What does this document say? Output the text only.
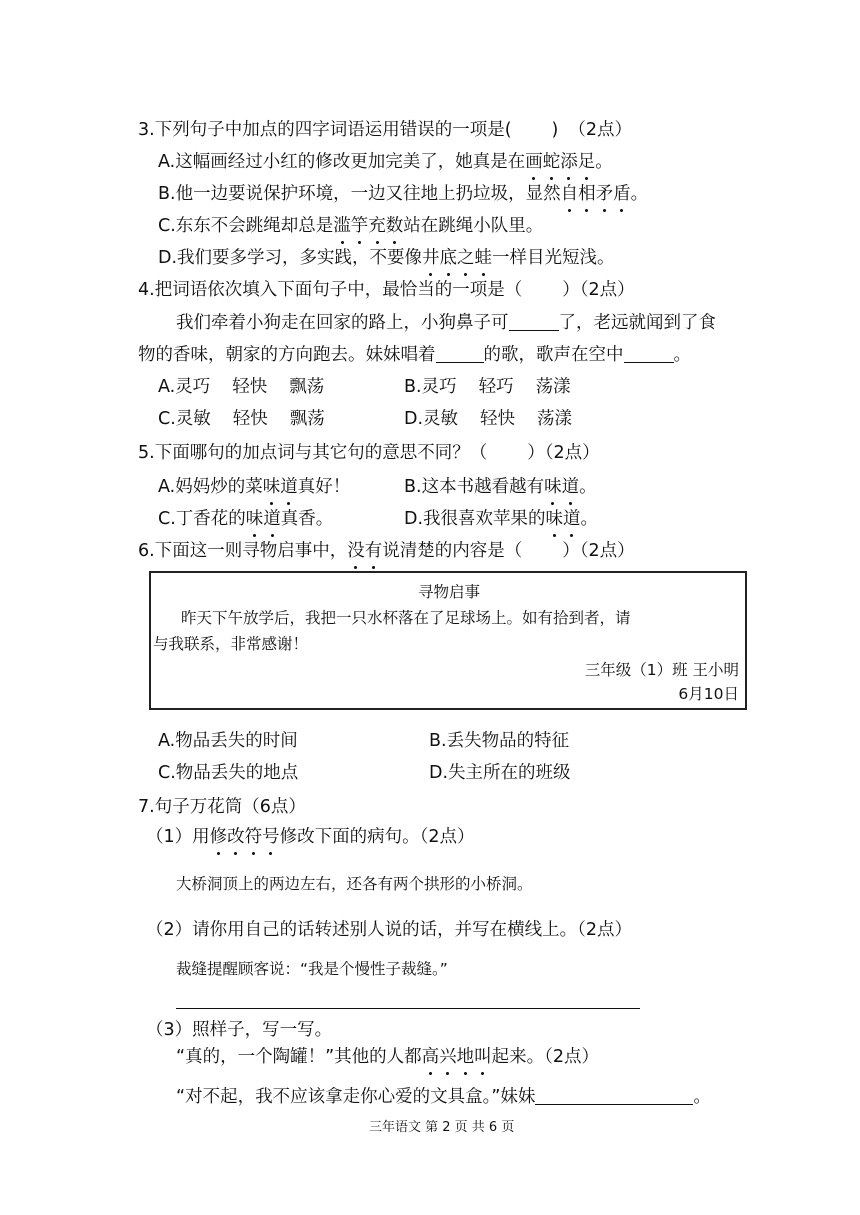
3.下列句子中加点的四字词语运用错误的一项是( ) （2点）
A.这幅画经过小红的修改更加完美了，她真是在画蛇添足。
B.他一边要说保护环境，一边又往地上扔垃圾，显然自相矛盾。
C.东东不会跳绳却总是滥竽充数站在跳绳小队里。
D.我们要多学习，多实践，不要像井底之蛙一样目光短浅。
4.把词语依次填入下面句子中，最恰当的一项是（ ）（2点）
我们牵着小狗走在回家的路上，小狗鼻子可	了，老远就闻到了食
物的香味，朝家的方向跑去。妹妹唱着	的歌，歌声在空中	。
A.灵巧 轻快 飘荡	B.灵巧 轻巧 荡漾
C.灵敏 轻快 飘荡	D.灵敏 轻快 荡漾
5.下面哪句的加点词与其它句的意思不同？（ ）（2点）
A.妈妈炒的菜味道真好！	B.这本书越看越有味道。
C.丁香花的味道真香。	D.我很喜欢苹果的味道。
6.下面这一则寻物启事中，没有说清楚的内容是（ ）（2点）
寻物启事
昨天下午放学后，我把一只水杯落在了足球场上。如有拾到者，请
与我联系，非常感谢！
三年级（1）班 王小明
6月10日
A.物品丢失的时间	B.丢失物品的特征
C.物品丢失的地点	D.失主所在的班级
7.句子万花筒（6点）
（1）用修改符号修改下面的病句。（2点）
大桥洞顶上的两边左右，还各有两个拱形的小桥洞。
（2）请你用自己的话转述别人说的话，并写在横线上。（2点）
裁缝提醒顾客说：“我是个慢性子裁缝。”
（3）照样子，写一写。
“真的，一个陶罐！”其他的人都高兴地叫起来。（2点）
“对不起，我不应该拿走你心爱的文具盒。”妹妹	。
三年语文 第 2 页 共 6 页
